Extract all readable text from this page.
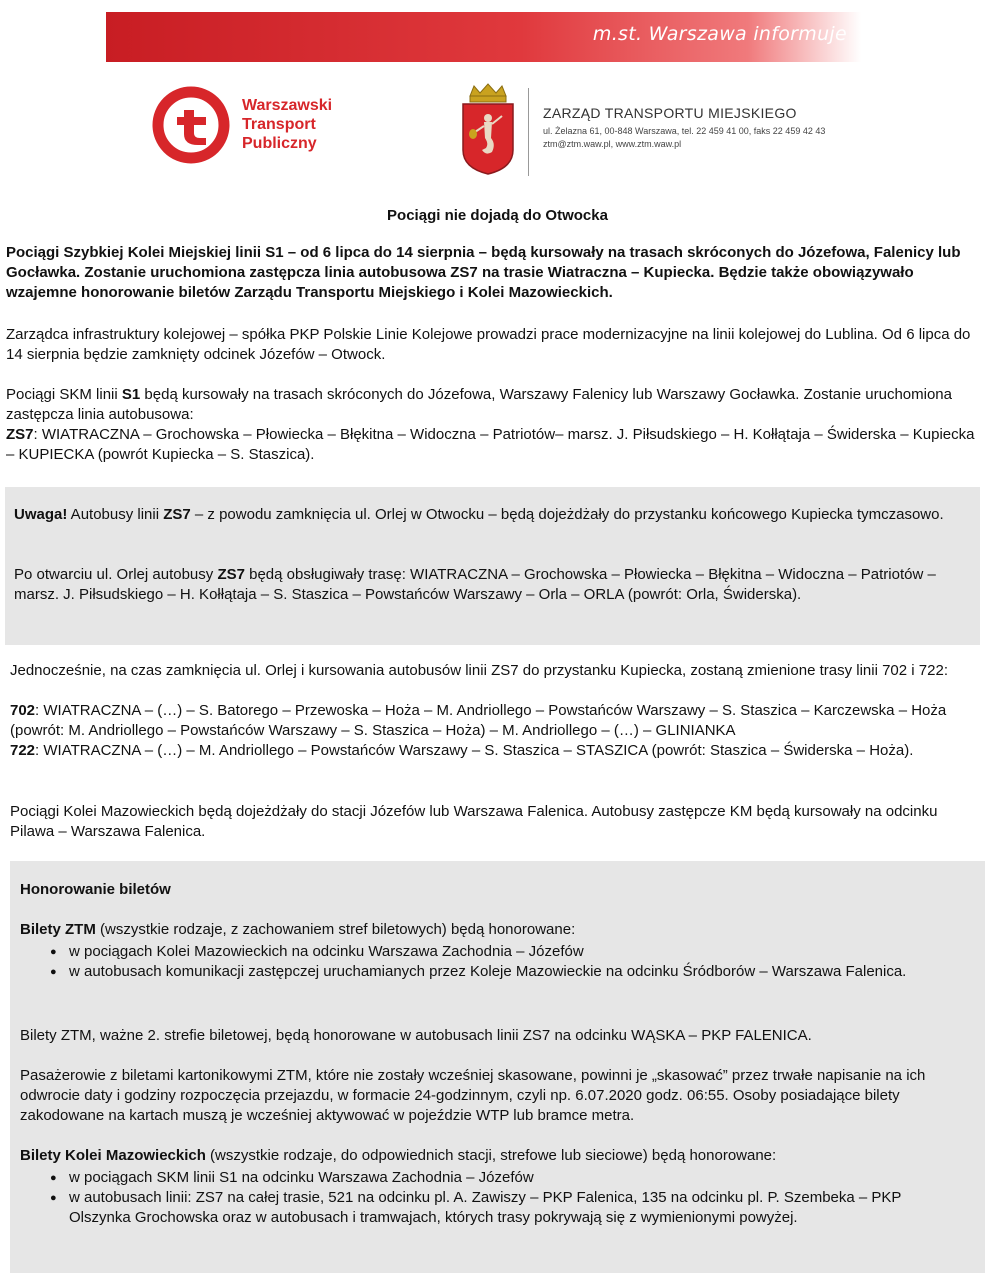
m.st. Warszawa informuje
Warszawski
Transport
Publiczny
ZARZĄD TRANSPORTU MIEJSKIEGO
ul. Żelazna 61, 00-848 Warszawa, tel. 22 459 41 00, faks 22 459 42 43
ztm@ztm.waw.pl, www.ztm.waw.pl
Pociągi nie dojadą do Otwocka
Pociągi Szybkiej Kolei Miejskiej linii S1 – od 6 lipca do 14 sierpnia – będą kursowały na trasach skróconych do Józefowa, Falenicy lub Gocławka. Zostanie uruchomiona zastępcza linia autobusowa ZS7 na trasie Wiatraczna – Kupiecka. Będzie także obowiązywało wzajemne honorowanie biletów Zarządu Transportu Miejskiego i Kolei Mazowieckich.
Zarządca infrastruktury kolejowej – spółka PKP Polskie Linie Kolejowe prowadzi prace modernizacyjne na linii kolejowej do Lublina. Od 6 lipca do 14 sierpnia będzie zamknięty odcinek Józefów – Otwock.
Pociągi SKM linii S1 będą kursowały na trasach skróconych do Józefowa, Warszawy Falenicy lub Warszawy Gocławka. Zostanie uruchomiona zastępcza linia autobusowa:
ZS7: WIATRACZNA – Grochowska – Płowiecka – Błękitna – Widoczna – Patriotów– marsz. J. Piłsudskiego – H. Kołłątaja – Świderska – Kupiecka – KUPIECKA (powrót Kupiecka – S. Staszica).
Uwaga! Autobusy linii ZS7 – z powodu zamknięcia ul. Orlej w Otwocku – będą dojeżdżały do przystanku końcowego Kupiecka tymczasowo.
Po otwarciu ul. Orlej autobusy ZS7 będą obsługiwały trasę: WIATRACZNA – Grochowska – Płowiecka – Błękitna – Widoczna – Patriotów – marsz. J. Piłsudskiego – H. Kołłątaja – S. Staszica – Powstańców Warszawy – Orla – ORLA (powrót: Orla, Świderska).
Jednocześnie, na czas zamknięcia ul. Orlej i kursowania autobusów linii ZS7 do przystanku Kupiecka, zostaną zmienione trasy linii 702 i 722:
702: WIATRACZNA – (…) – S. Batorego – Przewoska – Hoża – M. Andriollego – Powstańców Warszawy – S. Staszica – Karczewska – Hoża (powrót: M. Andriollego – Powstańców Warszawy – S. Staszica – Hoża) – M. Andriollego – (…) – GLINIANKA
722: WIATRACZNA – (…) – M. Andriollego – Powstańców Warszawy – S. Staszica – STASZICA (powrót: Staszica – Świderska – Hoża).
Pociągi Kolei Mazowieckich będą dojeżdżały do stacji Józefów lub Warszawa Falenica. Autobusy zastępcze KM będą kursowały na odcinku Pilawa – Warszawa Falenica.
Honorowanie biletów
Bilety ZTM (wszystkie rodzaje, z zachowaniem stref biletowych) będą honorowane:
● w pociągach Kolei Mazowieckich na odcinku Warszawa Zachodnia – Józefów
● w autobusach komunikacji zastępczej uruchamianych przez Koleje Mazowieckie na odcinku Śródborów – Warszawa Falenica.
Bilety ZTM, ważne 2. strefie biletowej, będą honorowane w autobusach linii ZS7 na odcinku WĄSKA – PKP FALENICA.
Pasażerowie z biletami kartonikowymi ZTM, które nie zostały wcześniej skasowane, powinni je „skasować” przez trwałe napisanie na ich odwrocie daty i godziny rozpoczęcia przejazdu, w formacie 24-godzinnym, czyli np. 6.07.2020 godz. 06:55. Osoby posiadające bilety zakodowane na kartach muszą je wcześniej aktywować w pojeździe WTP lub bramce metra.
Bilety Kolei Mazowieckich (wszystkie rodzaje, do odpowiednich stacji, strefowe lub sieciowe) będą honorowane:
● w pociągach SKM linii S1 na odcinku Warszawa Zachodnia – Józefów
● w autobusach linii: ZS7 na całej trasie, 521 na odcinku pl. A. Zawiszy – PKP Falenica, 135 na odcinku pl. P. Szembeka – PKP Olszynka Grochowska oraz w autobusach i tramwajach, których trasy pokrywają się z wymienionymi powyżej.
